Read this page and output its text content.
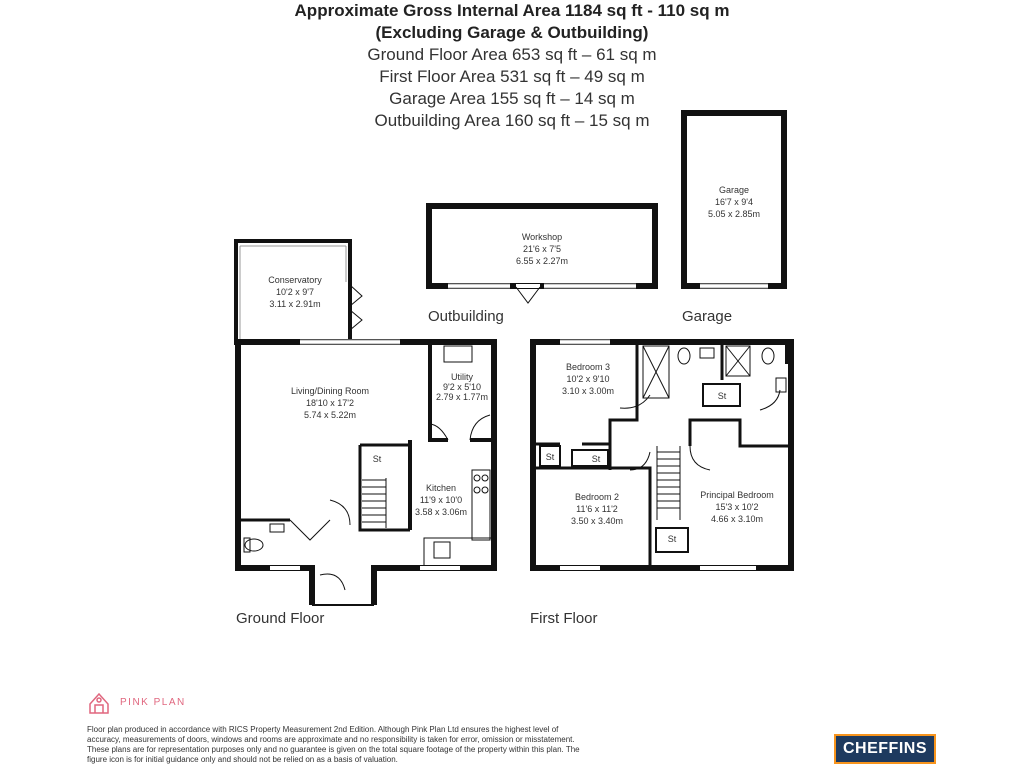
Approximate Gross Internal Area 1184 sq ft - 110 sq m
(Excluding Garage & Outbuilding)
Ground Floor Area 653 sq ft – 61 sq m
First Floor Area 531 sq ft – 49 sq m
Garage Area 155 sq ft – 14 sq m
Outbuilding Area 160 sq ft – 15 sq m
Garage
16'7 x 9'4
5.05 x 2.85m
Workshop
21'6 x 7'5
6.55 x 2.27m
Outbuilding	Garage
Conservatory
10'2 x 9'7
3.11 x 2.91m
Living/Dining Room
18'10 x 17'2
5.74 x 5.22m
Utility
9'2 x 5'10
2.79 x 1.77m
Kitchen
11'9 x 10'0
3.58 x 3.06m
St
Ground Floor
Bedroom 3
10'2 x 9'10
3.10 x 3.00m
Bedroom 2
11'6 x 11'2
3.50 x 3.40m
Principal Bedroom
15'3 x 10'2
4.66 x 3.10m
St	St
St
St
First Floor
PINK PLAN
Floor plan produced in accordance with RICS Property Measurement 2nd Edition. Although Pink Plan Ltd ensures the highest level of accuracy, measurements of doors, windows and rooms are approximate and no responsibility is taken for error, omission or misstatement. These plans are for representation purposes only and no guarantee is given on the total square footage of the property within this plan. The figure icon is for initial guidance only and should not be relied on as a basis of valuation.
CHEFFINS
